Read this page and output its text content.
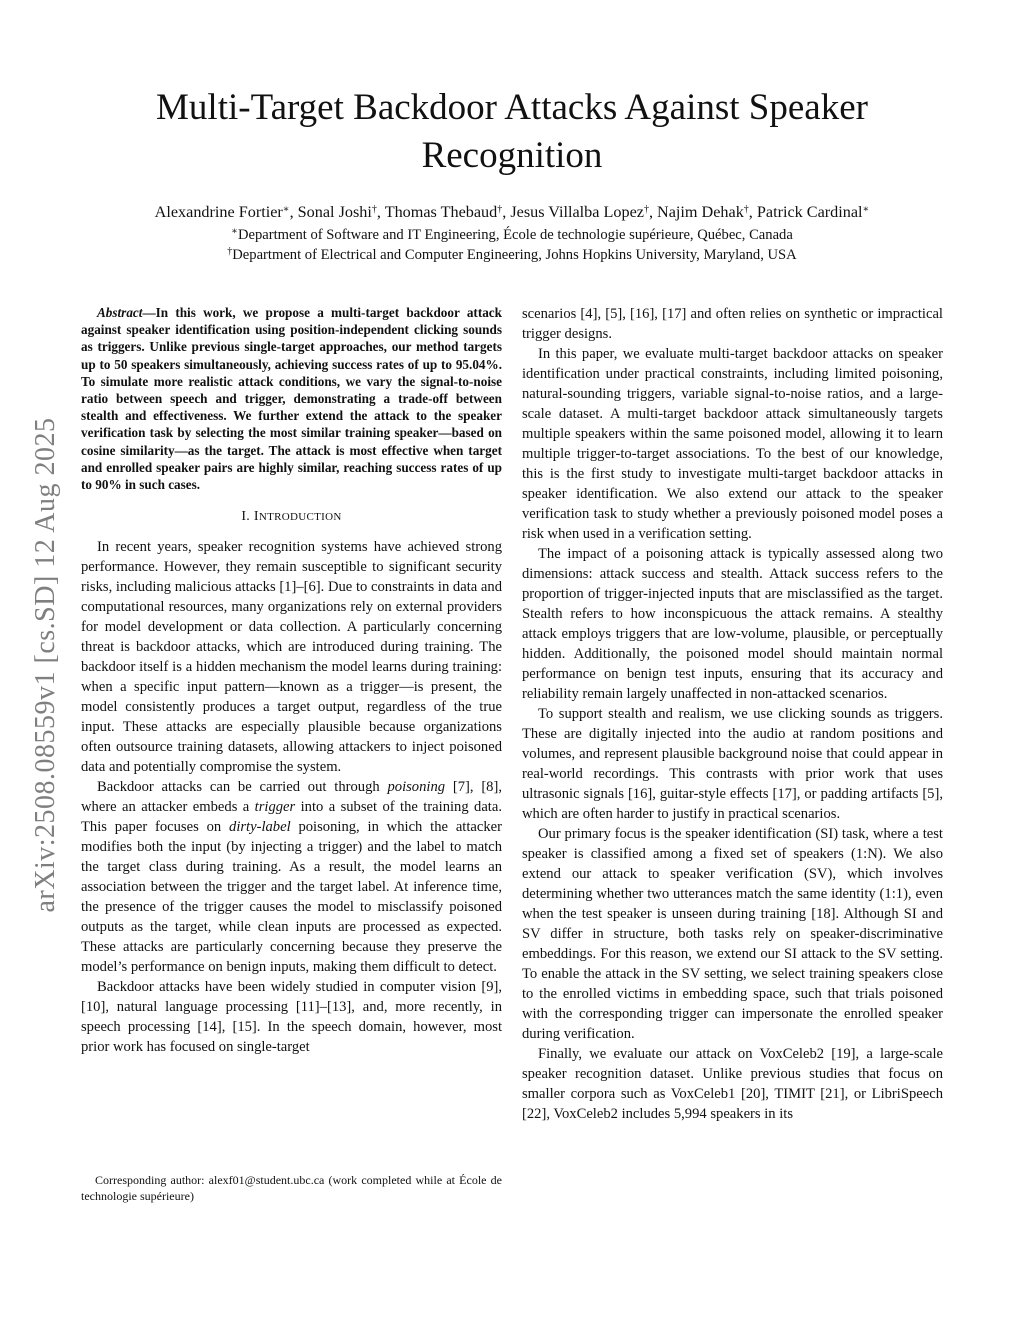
Multi-Target Backdoor Attacks Against Speaker Recognition
Alexandrine Fortier∗, Sonal Joshi†, Thomas Thebaud†, Jesus Villalba Lopez†, Najim Dehak†, Patrick Cardinal∗
∗Department of Software and IT Engineering, École de technologie supérieure, Québec, Canada
†Department of Electrical and Computer Engineering, Johns Hopkins University, Maryland, USA
arXiv:2508.08559v1 [cs.SD] 12 Aug 2025

Abstract—In this work, we propose a multi-target backdoor attack against speaker identification using position-independent clicking sounds as triggers. Unlike previous single-target approaches, our method targets up to 50 speakers simultaneously, achieving success rates of up to 95.04%. To simulate more realistic attack conditions, we vary the signal-to-noise ratio between speech and trigger, demonstrating a trade-off between stealth and effectiveness. We further extend the attack to the speaker verification task by selecting the most similar training speaker—based on cosine similarity—as the target. The attack is most effective when target and enrolled speaker pairs are highly similar, reaching success rates of up to 90% in such cases.

I. INTRODUCTION

In recent years, speaker recognition systems have achieved strong performance. However, they remain susceptible to significant security risks, including malicious attacks [1]–[6]. Due to constraints in data and computational resources, many organizations rely on external providers for model development or data collection. A particularly concerning threat is backdoor attacks, which are introduced during training. The backdoor itself is a hidden mechanism the model learns during training: when a specific input pattern—known as a trigger—is present, the model consistently produces a target output, regardless of the true input. These attacks are especially plausible because organizations often outsource training datasets, allowing attackers to inject poisoned data and potentially compromise the system.

Backdoor attacks can be carried out through poisoning [7], [8], where an attacker embeds a trigger into a subset of the training data. This paper focuses on dirty-label poisoning, in which the attacker modifies both the input (by injecting a trigger) and the label to match the target class during training. As a result, the model learns an association between the trigger and the target label. At inference time, the presence of the trigger causes the model to misclassify poisoned outputs as the target, while clean inputs are processed as expected. These attacks are particularly concerning because they preserve the model’s performance on benign inputs, making them difficult to detect.

Backdoor attacks have been widely studied in computer vision [9], [10], natural language processing [11]–[13], and, more recently, in speech processing [14], [15]. In the speech domain, however, most prior work has focused on single-target

Corresponding author: alexf01@student.ubc.ca (work completed while at École de technologie supérieure)

scenarios [4], [5], [16], [17] and often relies on synthetic or impractical trigger designs.

In this paper, we evaluate multi-target backdoor attacks on speaker identification under practical constraints, including limited poisoning, natural-sounding triggers, variable signal-to-noise ratios, and a large-scale dataset. A multi-target backdoor attack simultaneously targets multiple speakers within the same poisoned model, allowing it to learn multiple trigger-to-target associations. To the best of our knowledge, this is the first study to investigate multi-target backdoor attacks in speaker identification. We also extend our attack to the speaker verification task to study whether a previously poisoned model poses a risk when used in a verification setting.

The impact of a poisoning attack is typically assessed along two dimensions: attack success and stealth. Attack success refers to the proportion of trigger-injected inputs that are misclassified as the target. Stealth refers to how inconspicuous the attack remains. A stealthy attack employs triggers that are low-volume, plausible, or perceptually hidden. Additionally, the poisoned model should maintain normal performance on benign test inputs, ensuring that its accuracy and reliability remain largely unaffected in non-attacked scenarios.

To support stealth and realism, we use clicking sounds as triggers. These are digitally injected into the audio at random positions and volumes, and represent plausible background noise that could appear in real-world recordings. This contrasts with prior work that uses ultrasonic signals [16], guitar-style effects [17], or padding artifacts [5], which are often harder to justify in practical scenarios.

Our primary focus is the speaker identification (SI) task, where a test speaker is classified among a fixed set of speakers (1:N). We also extend our attack to speaker verification (SV), which involves determining whether two utterances match the same identity (1:1), even when the test speaker is unseen during training [18]. Although SI and SV differ in structure, both tasks rely on speaker-discriminative embeddings. For this reason, we extend our SI attack to the SV setting. To enable the attack in the SV setting, we select training speakers close to the enrolled victims in embedding space, such that trials poisoned with the corresponding trigger can impersonate the enrolled speaker during verification.

Finally, we evaluate our attack on VoxCeleb2 [19], a large-scale speaker recognition dataset. Unlike previous studies that focus on smaller corpora such as VoxCeleb1 [20], TIMIT [21], or LibriSpeech [22], VoxCeleb2 includes 5,994 speakers in its
